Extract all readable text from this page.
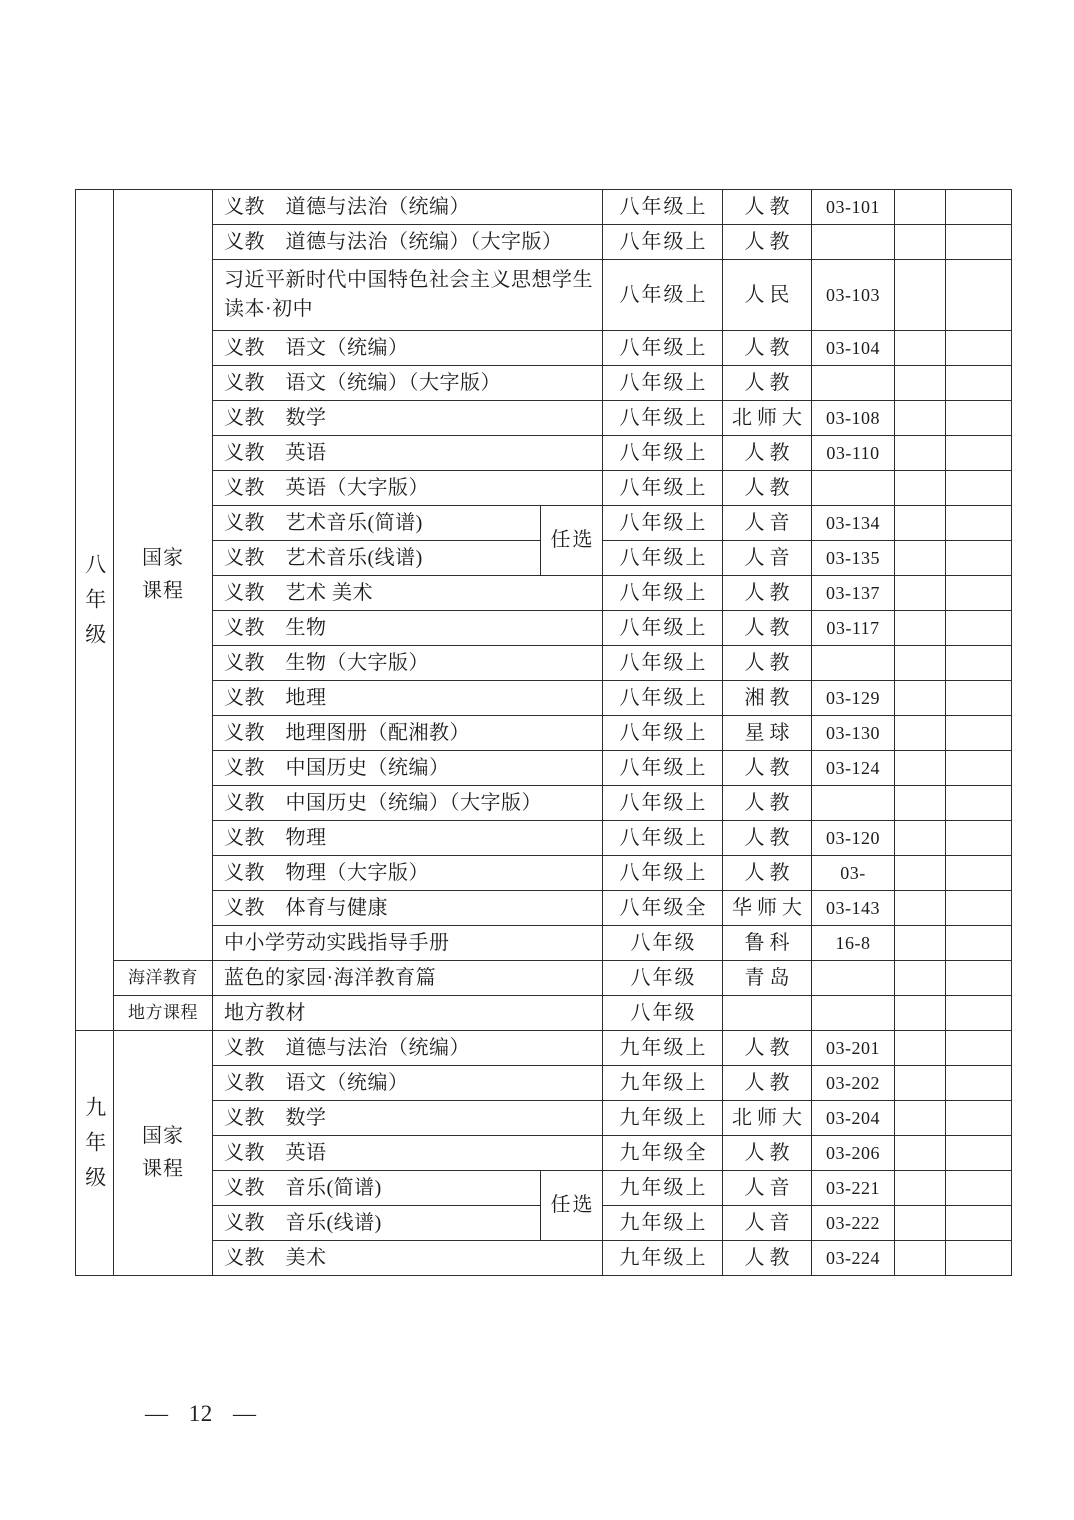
八年级	国家课程	义教　道德与法治（统编）		八年级上	人教	03-101		
		义教　道德与法治（统编）（大字版）		八年级上	人教			
		习近平新时代中国特色社会主义思想学生读本·初中		八年级上	人民	03-103		
		义教　语文（统编）		八年级上	人教	03-104		
		义教　语文（统编）（大字版）		八年级上	人教			
		义教　数学		八年级上	北师大	03-108		
		义教　英语		八年级上	人教	03-110		
		义教　英语（大字版）		八年级上	人教			
		义教　艺术音乐(简谱)	任选	八年级上	人音	03-134		
		义教　艺术音乐(线谱)		八年级上	人音	03-135		
		义教　艺术 美术		八年级上	人教	03-137		
		义教　生物		八年级上	人教	03-117		
		义教　生物（大字版）		八年级上	人教			
		义教　地理		八年级上	湘教	03-129		
		义教　地理图册（配湘教）		八年级上	星球	03-130		
		义教　中国历史（统编）		八年级上	人教	03-124		
		义教　中国历史（统编）（大字版）		八年级上	人教			
		义教　物理		八年级上	人教	03-120		
		义教　物理（大字版）		八年级上	人教	03-		
		义教　体育与健康		八年级全	华师大	03-143		
		中小学劳动实践指导手册		八年级	鲁科	16-8		
	海洋教育	蓝色的家园·海洋教育篇		八年级	青岛			
	地方课程	地方教材		八年级				
九年级	国家课程	义教　道德与法治（统编）		九年级上	人教	03-201		
		义教　语文（统编）		九年级上	人教	03-202		
		义教　数学		九年级上	北师大	03-204		
		义教　英语		九年级全	人教	03-206		
		义教　音乐(简谱)	任选	九年级上	人音	03-221		
		义教　音乐(线谱)		九年级上	人音	03-222		
		义教　美术		九年级上	人教	03-224		
— 12 —
